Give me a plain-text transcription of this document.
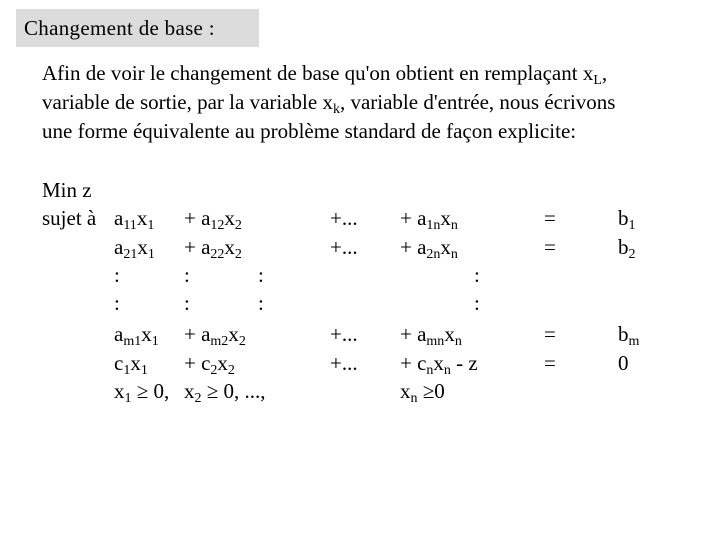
Changement de base :

Afin de voir le changement de base qu'on obtient en remplaçant $x_L$,

variable de sortie, par la variable $x_k$, variable d'entrée, nous écrivons

une forme équivalente au problème standard de façon explicite:

Min z
sujet à $a_{11}x_1 + a_{12}x_2$	+... + $a_{1n}x_n$	=	$b_1$
$a_{21}x_1 + a_{22}x_2$	+... + $a_{2n}x_n$	=	$b_2$
:	:	:	:
:	:	:	:
$a_{m1}x_1 + a_{m2}x_2$	+... + $a_{mn}x_n$	=	$b_m$
$c_1x_1 + c_2x_2$	+... + $c_nx_n$ - z	=	0
$x_1 \ge 0$, $x_2 \ge 0$, ...,	$x_n \ge 0$
